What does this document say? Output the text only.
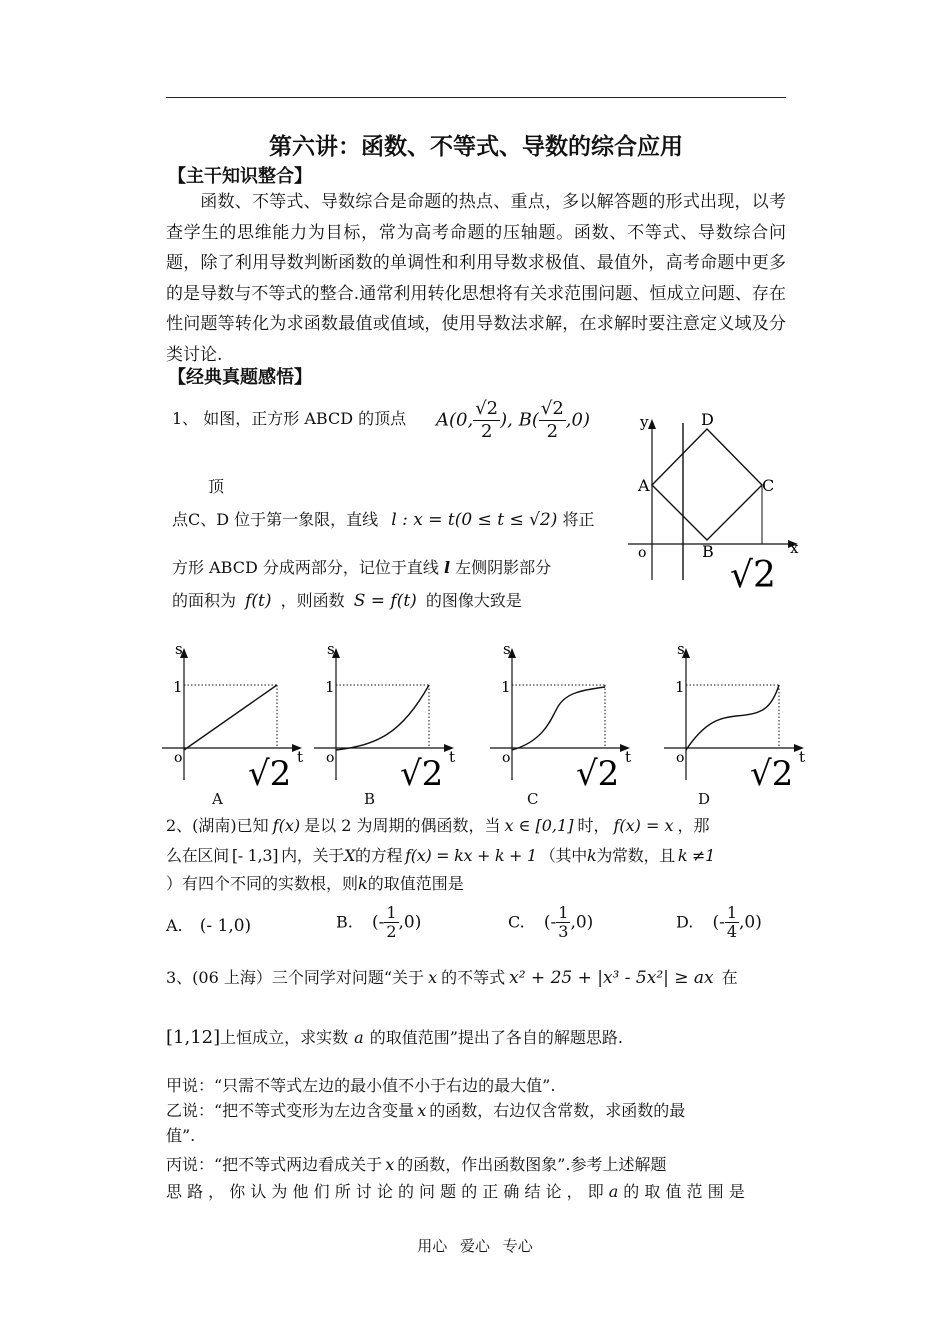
第六讲：函数、不等式、导数的综合应用
【主干知识整合】
函数、不等式、导数综合是命题的热点、重点，多以解答题的形式出现，以考查学生的思维能力为目标，常为高考命题的压轴题。函数、不等式、导数综合问题，除了利用导数判断函数的单调性和利用导数求极值、最值外，高考命题中更多的是导数与不等式的整合.通常利用转化思想将有关求范围问题、恒成立问题、存在性问题等转化为求函数最值或值域，使用导数法求解，在求解时要注意定义域及分类讨论.
【经典真题感悟】
1、 如图，正方形 ABCD 的顶点 A(0, $\frac{√2}{2}$ ), $B( \frac{√2}{2} ,0)$
顶
点C、D 位于第一象限，直线 l : x = t(0 ≤ t ≤ √2) 将正
方形 ABCD 分成两部分，记位于直线 l 左侧阴影部分
的面积为 f(t) ，则函数 S = f(t) 的图像大致是
y
x
o
A
B
C
D
√2
s
1
o	t
√2
s
1
o	t
√2
s
1
o	t
√2
s
1
o	t
√2
A	B	C	D
2、(湖南)已知 f(x) 是以 2 为周期的偶函数，当 x ∈ [0,1] 时， f(x) = x ，那
么在区间 [- 1,3] 内，关于X的方程 f(x) = kx + k + 1 （其中k为常数，且 k ≠1
）有四个不同的实数根，则k的取值范围是
A. (- 1,0)	B. (- $\frac{1}{2} ,0$)	C. (- $\frac{1}{3} ,0$)	D. (- $\frac{1}{4} ,0$)
3、(06 上海）三个同学对问题“关于 x 的不等式 x² + 25 + |x³ - 5x²| ≥ ax 在
[1,12]上恒成立，求实数 a 的取值范围”提出了各自的解题思路.
甲说：“只需不等式左边的最小值不小于右边的最大值”.
乙说：“把不等式变形为左边含变量 x 的函数，右边仅含常数，求函数的最
值”.
丙说：“把不等式两边看成关于 x 的函数，作出函数图象”.参考上述解题
思 路 ， 你 认 为 他 们 所 讨 论 的 问 题 的 正 确 结 论 ， 即 a 的 取 值 范 围 是
用心 爱心 专心
